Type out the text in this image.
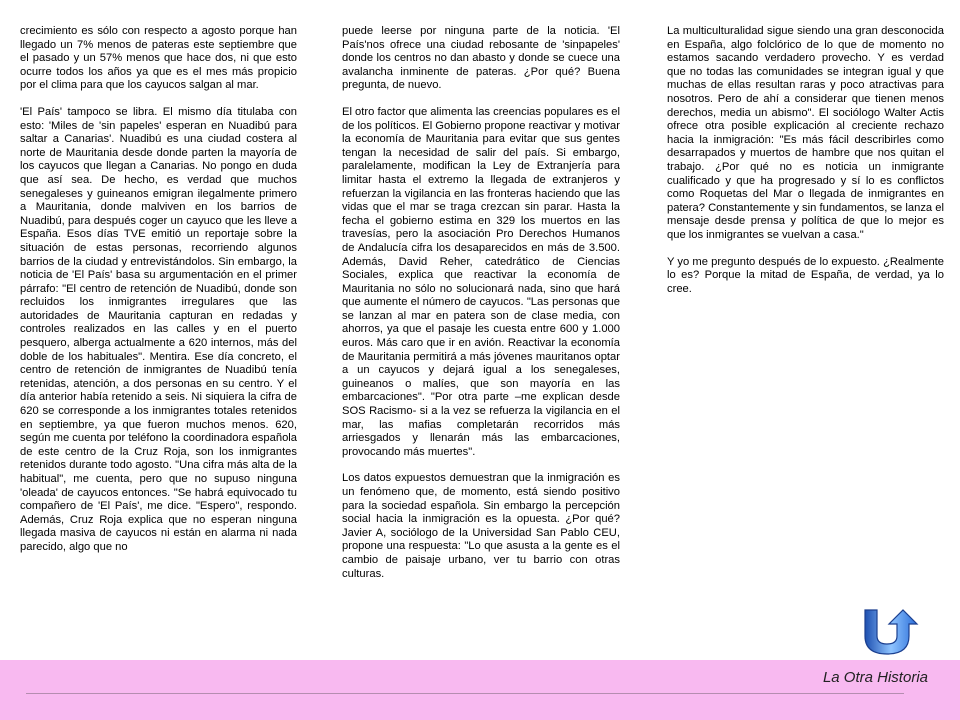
crecimiento es sólo con respecto a agosto porque han llegado un 7% menos de pateras este septiembre que el pasado y un 57% menos que hace dos, ni que esto ocurre todos los años ya que es el mes más propicio por el clima para que los cayucos salgan al mar.

'El País' tampoco se libra. El mismo día titulaba con esto: 'Miles de 'sin papeles' esperan en Nuadibú para saltar a Canarias'. Nuadibú es una ciudad costera al norte de Mauritania desde donde parten la mayoría de los cayucos que llegan a Canarias. No pongo en duda que así sea. De hecho, es verdad que muchos senegaleses y guineanos emigran ilegalmente primero a Mauritania, donde malviven en los barrios de Nuadibú, para después coger un cayuco que les lleve a España. Esos días TVE emitió un reportaje sobre la situación de estas personas, recorriendo algunos barrios de la ciudad y entrevistándolos. Sin embargo, la noticia de 'El País' basa su argumentación en el primer párrafo: "El centro de retención de Nuadibú, donde son recluidos los inmigrantes irregulares que las autoridades de Mauritania capturan en redadas y controles realizados en las calles y en el puerto pesquero, alberga actualmente a 620 internos, más del doble de los habituales". Mentira. Ese día concreto, el centro de retención de inmigrantes de Nuadibú tenía retenidas, atención, a dos personas en su centro. Y el día anterior había retenido a seis. Ni siquiera la cifra de 620 se corresponde a los inmigrantes totales retenidos en septiembre, ya que fueron muchos menos. 620, según me cuenta por teléfono la coordinadora española de este centro de la Cruz Roja, son los inmigrantes retenidos durante todo agosto. "Una cifra más alta de la habitual", me cuenta, pero que no supuso ninguna 'oleada' de cayucos entonces. "Se habrá equivocado tu compañero de 'El País', me dice. "Espero", respondo. Además, Cruz Roja explica que no esperan ninguna llegada masiva de cayucos ni están en alarma ni nada parecido, algo que no

puede leerse por ninguna parte de la noticia. 'El País'nos ofrece una ciudad rebosante de 'sinpapeles' donde los centros no dan abasto y donde se cuece una avalancha inminente de pateras. ¿Por qué? Buena pregunta, de nuevo.

El otro factor que alimenta las creencias populares es el de los políticos. El Gobierno propone reactivar y motivar la economía de Mauritania para evitar que sus gentes tengan la necesidad de salir del país. Si embargo, paralelamente, modifican la Ley de Extranjería para limitar hasta el extremo la llegada de extranjeros y refuerzan la vigilancia en las fronteras haciendo que las vidas que el mar se traga crezcan sin parar. Hasta la fecha el gobierno estima en 329 los muertos en las travesías, pero la asociación Pro Derechos Humanos de Andalucía cifra los desaparecidos en más de 3.500. Además, David Reher, catedrático de Ciencias Sociales, explica que reactivar la economía de Mauritania no sólo no solucionará nada, sino que hará que aumente el número de cayucos. "Las personas que se lanzan al mar en patera son de clase media, con ahorros, ya que el pasaje les cuesta entre 600 y 1.000 euros. Más caro que ir en avión. Reactivar la economía de Mauritania permitirá a más jóvenes mauritanos optar a un cayucos y dejará igual a los senegaleses, guineanos o malíes, que son mayoría en las embarcaciones". "Por otra parte –me explican desde SOS Racismo- si a la vez se refuerza la vigilancia en el mar, las mafias completarán recorridos más arriesgados y llenarán más las embarcaciones, provocando más muertes".

Los datos expuestos demuestran que la inmigración es un fenómeno que, de momento, está siendo positivo para la sociedad española. Sin embargo la percepción social hacia la inmigración es la opuesta. ¿Por qué? Javier A, sociólogo de la Universidad San Pablo CEU, propone una respuesta: "Lo que asusta a la gente es el cambio de paisaje urbano, ver tu barrio con otras culturas.

La multiculturalidad sigue siendo una gran desconocida en España, algo folclórico de lo que de momento no estamos sacando verdadero provecho. Y es verdad que no todas las comunidades se integran igual y que muchas de ellas resultan raras y poco atractivas para nosotros. Pero de ahí a considerar que tienen menos derechos, media un abismo". El sociólogo Walter Actis ofrece otra posible explicación al creciente rechazo hacia la inmigración: "Es más fácil describirles como desarrapados y muertos de hambre que nos quitan el trabajo. ¿Por qué no es noticia un inmigrante cualificado y que ha progresado y sí lo es conflictos como Roquetas del Mar o llegada de inmigrantes en patera? Constantemente y sin fundamentos, se lanza el mensaje desde prensa y política de que lo mejor es que los inmigrantes se vuelvan a casa."

Y yo me pregunto después de lo expuesto. ¿Realmente lo es? Porque la mitad de España, de verdad, ya lo cree.

La Otra Historia
